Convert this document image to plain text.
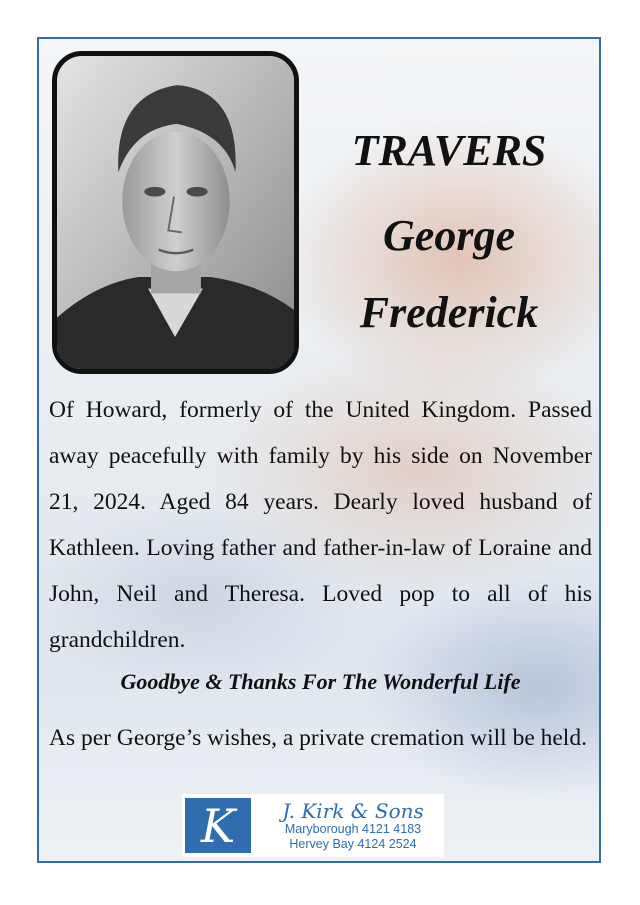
TRAVERS
George
Frederick

Of Howard, formerly of the United Kingdom. Passed away peacefully with family by his side on November 21, 2024. Aged 84 years. Dearly loved husband of Kathleen. Loving father and father-in-law of Loraine and John, Neil and Theresa. Loved pop to all of his grandchildren.

Goodbye & Thanks For The Wonderful Life

As per George’s wishes, a private cremation will be held.

K	J. Kirk & Sons
Maryborough 4121 4183
Hervey Bay 4124 2524
